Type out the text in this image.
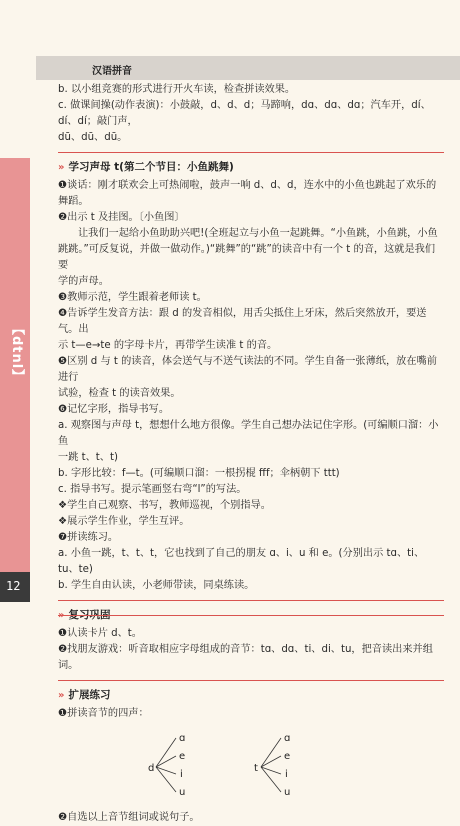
【dtnl】
12
汉语拼音

b. 以小组竞赛的形式进行开火车读，检查拼读效果。

c. 做课间操(动作表演)：小鼓敲，d、d、d；马蹄响，dɑ、dɑ、dɑ；汽车开，dí、dí、dí；敲门声，

dū、dū、dū。

» 学习声母 t(第二个节目：小鱼跳舞)

❶谈话：刚才联欢会上可热闹啦，鼓声一响 d、d、d，连水中的小鱼也跳起了欢乐的舞蹈。

❷出示 t 及挂图。〔小鱼图〕

让我们一起给小鱼助助兴吧!(全班起立与小鱼一起跳舞。“小鱼跳，小鱼跳，小鱼

跳跳。”可反复说，并做一做动作。)“跳舞”的“跳”的读音中有一个 t 的音，这就是我们要

学的声母。

❸教师示范，学生跟着老师读 t。

❹告诉学生发音方法：跟 d 的发音相似，用舌尖抵住上牙床，然后突然放开，要送气。出

示 t—e→te 的字母卡片，再带学生读准 t 的音。

❺区别 d 与 t 的读音，体会送气与不送气读法的不同。学生自备一张薄纸，放在嘴前进行

试验，检查 t 的读音效果。

❻记忆字形，指导书写。

a. 观察图与声母 t，想想什么地方很像。学生自己想办法记住字形。(可编顺口溜：小鱼

一跳 t、t、t)

b. 字形比较：f—t。(可编顺口溜：一根拐棍 fff；伞柄朝下 ttt)

c. 指导书写。提示笔画竖右弯“l”的写法。

❖学生自己观察、书写，教师巡视，个别指导。

❖展示学生作业，学生互评。

❼拼读练习。

a. 小鱼一跳，t、t、t，它也找到了自己的朋友 ɑ、i、u 和 e。(分别出示 tɑ、ti、tu、te)

b. 学生自由认读，小老师带读，同桌练读。

» 复习巩固

❶认读卡片 d、t。

❷找朋友游戏：听音取相应字母组成的音节：tɑ、dɑ、ti、di、tu，把音读出来并组词。

» 扩展练习

❶拼读音节的四声：

d
ɑ
e
i
u
t
ɑ
e
i
u

❷自选以上音节组词或说句子。
